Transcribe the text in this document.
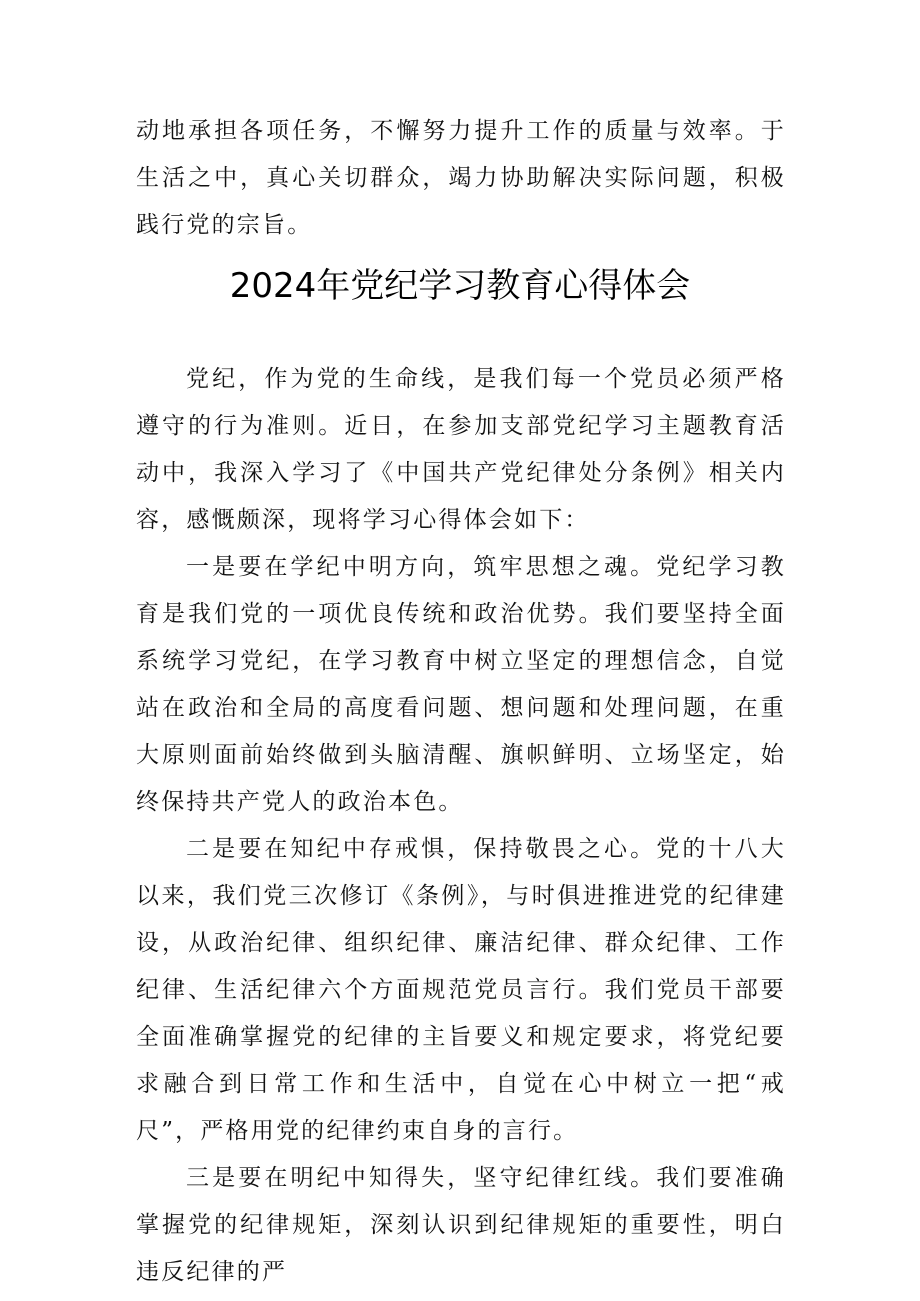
动地承担各项任务，不懈努力提升工作的质量与效率。于生活之中，真心关切群众，竭力协助解决实际问题，积极践行党的宗旨。

2024年党纪学习教育心得体会

党纪，作为党的生命线，是我们每一个党员必须严格遵守的行为准则。近日，在参加支部党纪学习主题教育活动中，我深入学习了《中国共产党纪律处分条例》相关内容，感慨颇深，现将学习心得体会如下：

一是要在学纪中明方向，筑牢思想之魂。党纪学习教育是我们党的一项优良传统和政治优势。我们要坚持全面系统学习党纪，在学习教育中树立坚定的理想信念，自觉站在政治和全局的高度看问题、想问题和处理问题，在重大原则面前始终做到头脑清醒、旗帜鲜明、立场坚定，始终保持共产党人的政治本色。

二是要在知纪中存戒惧，保持敬畏之心。党的十八大以来，我们党三次修订《条例》，与时俱进推进党的纪律建设，从政治纪律、组织纪律、廉洁纪律、群众纪律、工作纪律、生活纪律六个方面规范党员言行。我们党员干部要全面准确掌握党的纪律的主旨要义和规定要求，将党纪要求融合到日常工作和生活中，自觉在心中树立一把“戒尺”，严格用党的纪律约束自身的言行。

三是要在明纪中知得失，坚守纪律红线。我们要准确掌握党的纪律规矩，深刻认识到纪律规矩的重要性，明白违反纪律的严
